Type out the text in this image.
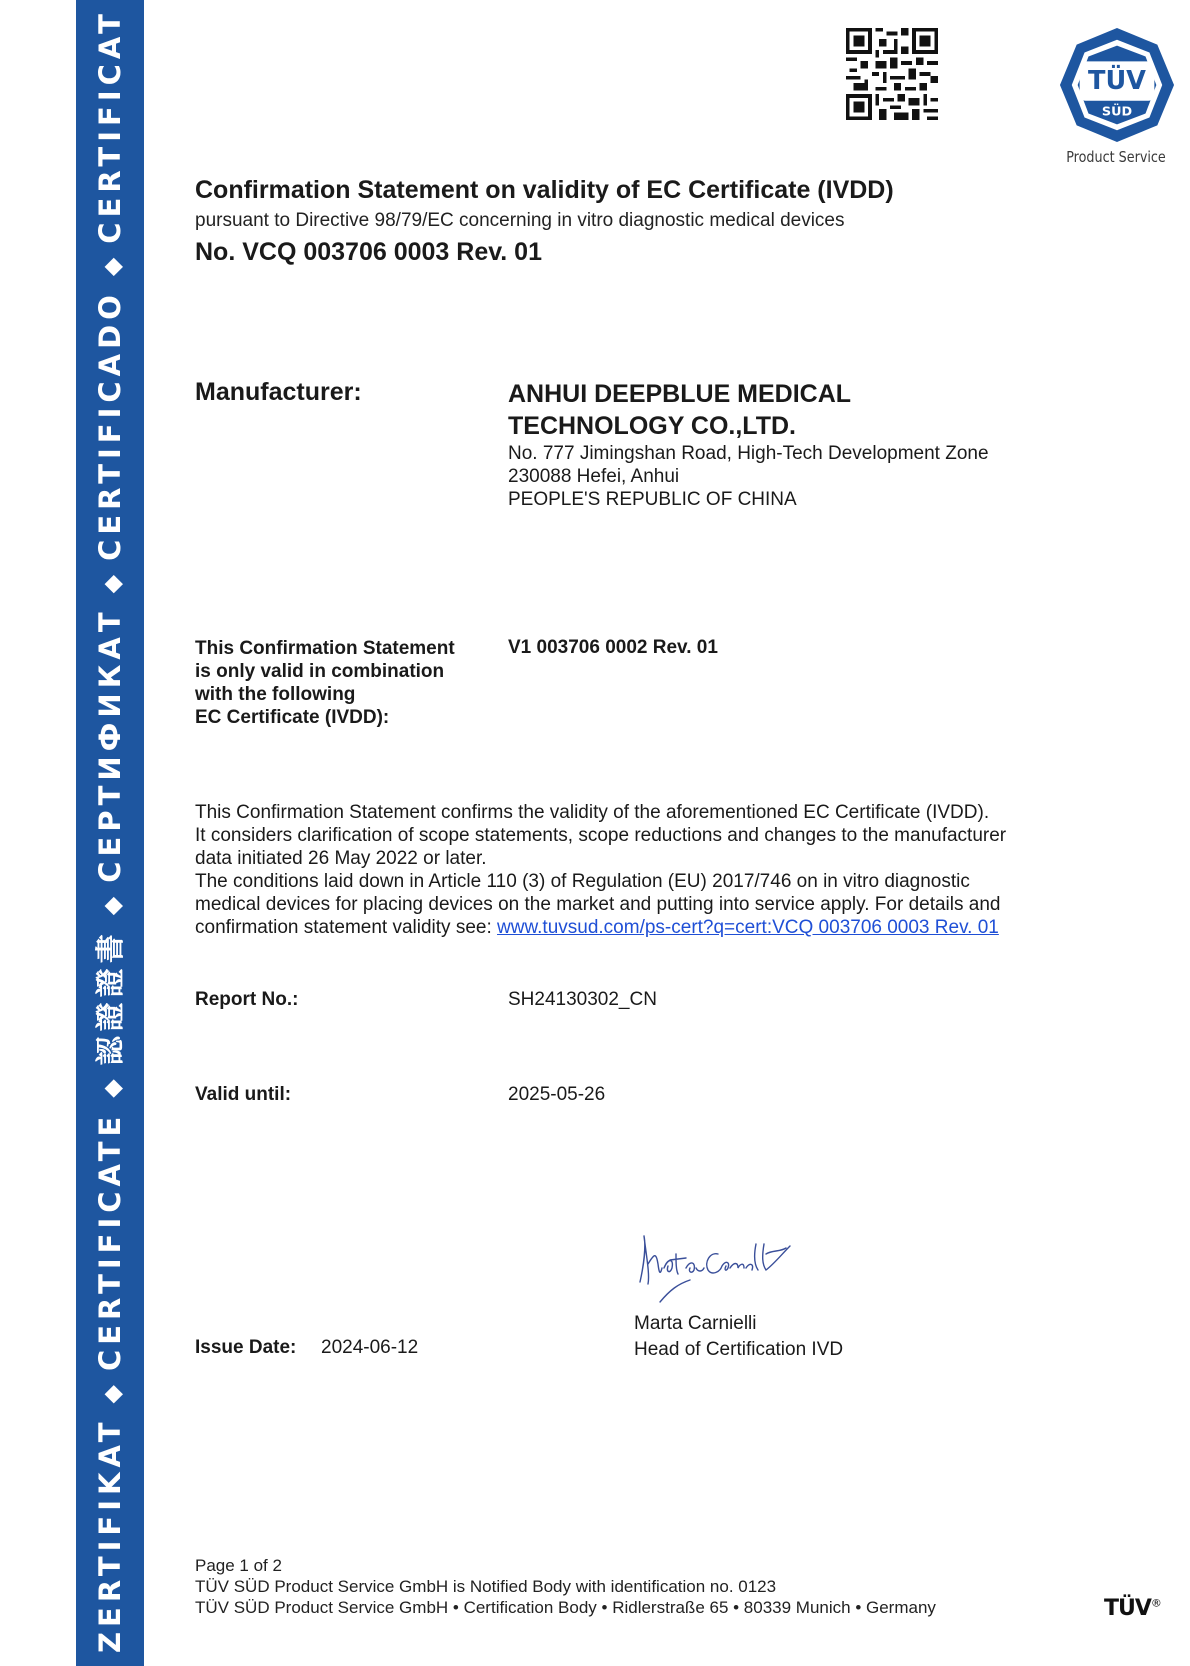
ZERTIFIKAT◆CERTIFICATE◆認證證書◆СЕРТИФИКАТ◆CERTIFICADO◆CERTIFICAT	TÜV
SÜD
Product Service
Confirmation Statement on validity of EC Certificate (IVDD)
pursuant to Directive 98/79/EC concerning in vitro diagnostic medical devices
No. VCQ 003706 0003 Rev. 01
Manufacturer:	ANHUI DEEPBLUE MEDICAL
TECHNOLOGY CO.,LTD.
No. 777 Jimingshan Road, High-Tech Development Zone
230088 Hefei, Anhui
PEOPLE'S REPUBLIC OF CHINA
This Confirmation Statement
is only valid in combination
with the following
EC Certificate (IVDD):
V1 003706 0002 Rev. 01

This Confirmation Statement confirms the validity of the aforementioned EC Certificate (IVDD).

It considers clarification of scope statements, scope reductions and changes to the manufacturer

data initiated 26 May 2022 or later.

The conditions laid down in Article 110 (3) of Regulation (EU) 2017/746 on in vitro diagnostic

medical devices for placing devices on the market and putting into service apply. For details and

confirmation statement validity see: www.tuvsud.com/ps-cert?q=cert:VCQ 003706 0003 Rev. 01

Report No.:	SH24130302_CN
Valid until:	2025-05-26
Marta Carnielli
Head of Certification IVD
Issue Date: 2024-06-12
Page 1 of 2
TÜV SÜD Product Service GmbH is Notified Body with identification no. 0123
TÜV SÜD Product Service GmbH • Certification Body • Ridlerstraße 65 • 80339 Munich • Germany	TÜV®
